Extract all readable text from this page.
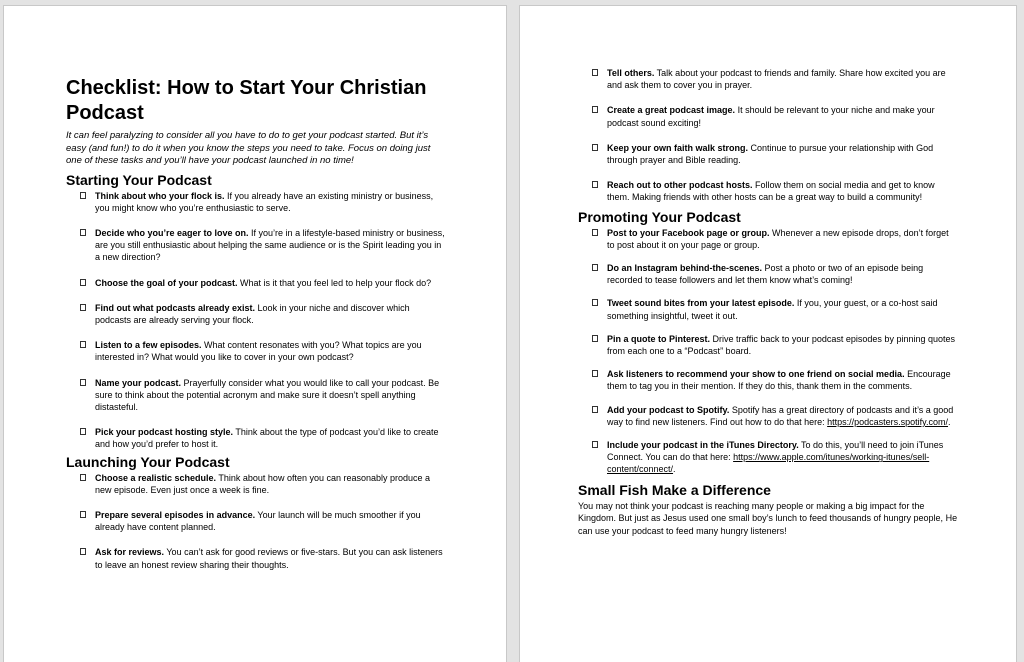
Checklist: How to Start Your Christian Podcast

It can feel paralyzing to consider all you have to do to get your podcast started. But it’s easy (and fun!) to do it when you know the steps you need to take. Focus on doing just one of these tasks and you’ll have your podcast launched in no time!

Starting Your Podcast
Think about who your flock is. If you already have an existing ministry or business, you might know who you’re enthusiastic to serve.
Decide who you’re eager to love on. If you’re in a lifestyle-based ministry or business, are you still enthusiastic about helping the same audience or is the Spirit leading you in a new direction?
Choose the goal of your podcast. What is it that you feel led to help your flock do?
Find out what podcasts already exist. Look in your niche and discover which podcasts are already serving your flock.
Listen to a few episodes. What content resonates with you? What topics are you interested in? What would you like to cover in your own podcast?
Name your podcast. Prayerfully consider what you would like to call your podcast. Be sure to think about the potential acronym and make sure it doesn’t spell anything distasteful.
Pick your podcast hosting style. Think about the type of podcast you’d like to create and how you’d prefer to host it.
Launching Your Podcast
Choose a realistic schedule. Think about how often you can reasonably produce a new episode. Even just once a week is fine.
Prepare several episodes in advance. Your launch will be much smoother if you already have content planned.
Ask for reviews. You can’t ask for good reviews or five-stars. But you can ask listeners to leave an honest review sharing their thoughts.
Tell others. Talk about your podcast to friends and family. Share how excited you are and ask them to cover you in prayer.
Create a great podcast image. It should be relevant to your niche and make your podcast sound exciting!
Keep your own faith walk strong. Continue to pursue your relationship with God through prayer and Bible reading.
Reach out to other podcast hosts. Follow them on social media and get to know them. Making friends with other hosts can be a great way to build a community!
Promoting Your Podcast
Post to your Facebook page or group. Whenever a new episode drops, don’t forget to post about it on your page or group.
Do an Instagram behind-the-scenes. Post a photo or two of an episode being recorded to tease followers and let them know what’s coming!
Tweet sound bites from your latest episode. If you, your guest, or a co-host said something insightful, tweet it out.
Pin a quote to Pinterest. Drive traffic back to your podcast episodes by pinning quotes from each one to a “Podcast” board.
Ask listeners to recommend your show to one friend on social media. Encourage them to tag you in their mention. If they do this, thank them in the comments.
Add your podcast to Spotify. Spotify has a great directory of podcasts and it’s a good way to find new listeners. Find out how to do that here: https://podcasters.spotify.com/.
Include your podcast in the iTunes Directory. To do this, you’ll need to join iTunes Connect. You can do that here: https://www.apple.com/itunes/working-itunes/sell-content/connect/.
Small Fish Make a Difference

You may not think your podcast is reaching many people or making a big impact for the Kingdom. But just as Jesus used one small boy’s lunch to feed thousands of hungry people, He can use your podcast to feed many hungry listeners!
